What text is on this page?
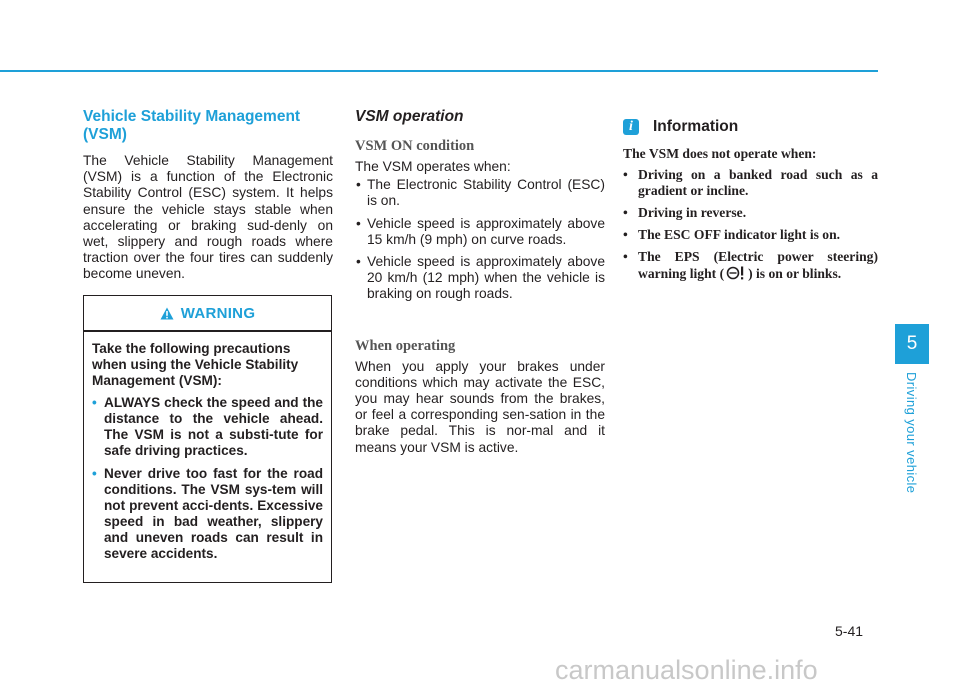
Vehicle Stability Management (VSM)

The Vehicle Stability Management (VSM) is a function of the Electronic Stability Control (ESC) system. It helps ensure the vehicle stays stable when accelerating or braking sud-denly on wet, slippery and rough roads where traction over the four tires can suddenly become uneven.

WARNING

Take the following precautions when using the Vehicle Stability Management (VSM):

• ALWAYS check the speed and the distance to the vehicle ahead. The VSM is not a substi-tute for safe driving practices.
• Never drive too fast for the road conditions. The VSM sys-tem will not prevent acci-dents. Excessive speed in bad weather, slippery and uneven roads can result in severe accidents.
VSM operation
VSM ON condition

The VSM operates when:

• The Electronic Stability Control (ESC) is on.
• Vehicle speed is approximately above 15 km/h (9 mph) on curve roads.
• Vehicle speed is approximately above 20 km/h (12 mph) when the vehicle is braking on rough roads.
When operating

When you apply your brakes under conditions which may activate the ESC, you may hear sounds from the brakes, or feel a corresponding sen-sation in the brake pedal. This is nor-mal and it means your VSM is active.

i	Information

The VSM does not operate when:

• Driving on a banked road such as a gradient or incline.
• Driving in reverse.
• The ESC OFF indicator light is on.
• The EPS (Electric power steering) warning light ( ) is on or blinks.
5
Driving your vehicle
5-41
carmanualsonline.info
